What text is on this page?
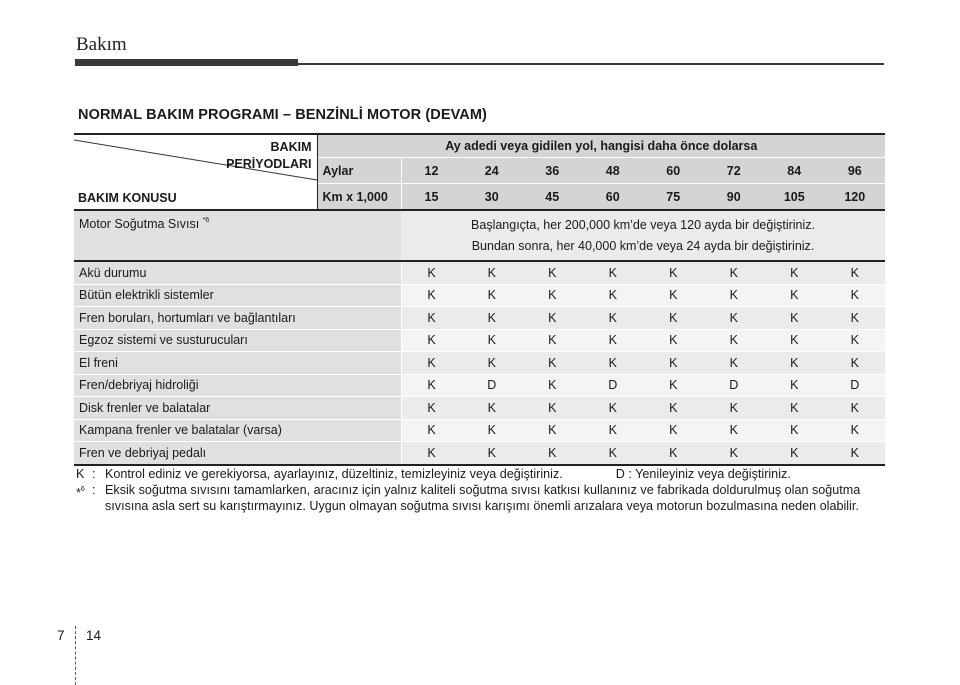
Bakım
NORMAL BAKIM PROGRAMI – BENZİNLİ MOTOR (DEVAM)
BAKIM
PERİYODLARI
BAKIM KONUSU	Ay adedi veya gidilen yol, hangisi daha önce dolarsa								
	Aylar	12	24	36	48	60	72	84	96
	Km x 1,000	15	30	45	60	75	90	105	120
Motor Soğutma Sıvısı $^{*6}$		Başlangıçta, her 200,000 km’de veya 120 ayda bir değiştiriniz.
Bundan sonra, her 40,000 km’de veya 24 ayda bir değiştiriniz.							

Akü durumu		K	K	K	K	K	K	K	K
Bütün elektrikli sistemler		K	K	K	K	K	K	K	K
Fren boruları, hortumları ve bağlantıları		K	K	K	K	K	K	K	K
Egzoz sistemi ve susturucuları		K	K	K	K	K	K	K	K
El freni		K	K	K	K	K	K	K	K
Fren/debriyaj hidroliği		K	D	K	D	K	D	K	D
Disk frenler ve balatalar		K	K	K	K	K	K	K	K
Kampana frenler ve balatalar (varsa)		K	K	K	K	K	K	K	K
Fren ve debriyaj pedalı		K	K	K	K	K	K	K	K
K : Kontrol ediniz ve gerekiyorsa, ayarlayınız, düzeltiniz, temizleyiniz veya değiştiriniz.	D : Yenileyiniz veya değiştiriniz.
*$^6$ : Eksik soğutma sıvısını tamamlarken, aracınız için yalnız kaliteli soğutma sıvısı katkısı kullanınız ve fabrikada doldurulmuş olan soğutma sıvısına asla sert su karıştırmayınız. Uygun olmayan soğutma sıvısı karışımı önemli arızalara veya motorun bozulmasına neden olabilir.
7 14
